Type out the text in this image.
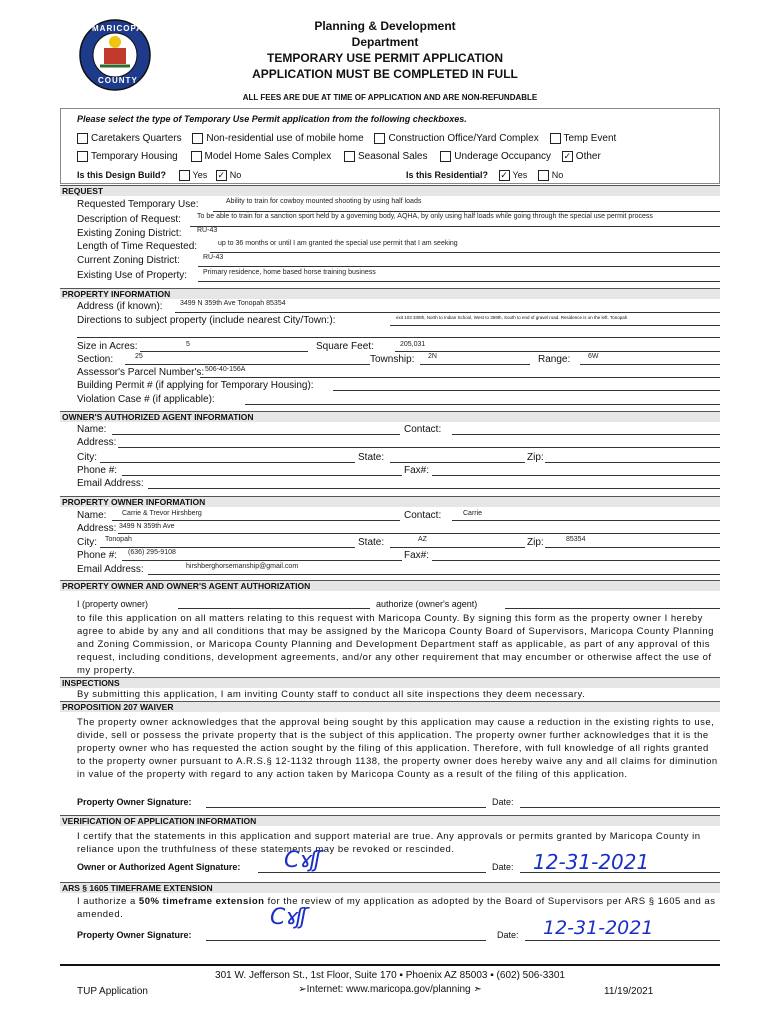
MARICOPA
COUNTY
Planning & Development
Department
TEMPORARY USE PERMIT APPLICATION
APPLICATION MUST BE COMPLETED IN FULL
ALL FEES ARE DUE AT TIME OF APPLICATION AND ARE NON-REFUNDABLE
Please select the type of Temporary Use Permit application from the following checkboxes.
Caretakers Quarters Non-residential use of mobile home Construction Office/Yard Complex Temp Event
Temporary Housing	Model Home Sales Complex	Seasonal Sales	Underage Occupancy ✓ Other
Is this Design Build?	Yes ✓ No	Is this Residential? ✓ Yes	No
REQUEST
Requested Temporary Use:	Ability to train for cowboy mounted shooting by using half loads
Description of Request: To be able to train for a sanction sport held by a governing body, AQHA, by only using half loads while going through the special use permit process
Existing Zoning District: RU-43
Length of Time Requested:	up to 36 months or until I am granted the special use permit that I am seeking
Current Zoning District:	RU-43
Existing Use of Property: Primary residence, home based horse training business
PROPERTY INFORMATION
Address (if known): 3499 N 359th Ave Tonopah 85354
Directions to subject property (include nearest City/Town:):	exit 103 339th, North to Indian School, West to 359th, South to end of gravel road. Residence is on the left. Tonopah
Size in Acres:	5	Square Feet:	205,031
Section:	25	Township: 2N	Range:	6W
Assessor's Parcel Number's: 506-40-156A
Building Permit # (if applying for Temporary Housing):
Violation Case # (if applicable):
OWNER'S AUTHORIZED AGENT INFORMATION
Name:	Contact:
Address:
City:	State:	Zip:
Phone #:	Fax#:
Email Address:
PROPERTY OWNER INFORMATION
Name: Carrie & Trevor Hirshberg	Contact:	Carrie
Address: 3499 N 359th Ave
City: Tonopah	State:	AZ	Zip:	85354
Phone #: (636) 295-9108	Fax#:
Email Address:	hirshberghorsemanship@gmail.com
PROPERTY OWNER AND OWNER'S AGENT AUTHORIZATION
I (property owner)	authorize (owner's agent)
to file this application on all matters relating to this request with Maricopa County. By signing this form as the property owner I hereby agree to abide by any and all conditions that may be assigned by the Maricopa County Board of Supervisors, Maricopa County Planning and Zoning Commission, or Maricopa County Planning and Development Department staff as applicable, as part of any approval of this request, including conditions, development agreements, and/or any other requirement that may encumber or otherwise affect the use of my property.
INSPECTIONS
By submitting this application, I am inviting County staff to conduct all site inspections they deem necessary.
PROPOSITION 207 WAIVER
The property owner acknowledges that the approval being sought by this application may cause a reduction in the existing rights to use, divide, sell or possess the private property that is the subject of this application. The property owner further acknowledges that it is the property owner who has requested the action sought by the filing of this application. Therefore, with full knowledge of all rights granted to the property owner pursuant to A.R.S.§ 12-1132 through 1138, the property owner does hereby waive any and all claims for diminution in value of the property with regard to any action taken by Maricopa County as a result of the filing of this application.
Property Owner Signature:	Date:
VERIFICATION OF APPLICATION INFORMATION
I certify that the statements in this application and support material are true. Any approvals or permits granted by Maricopa County in reliance upon the truthfulness of these statements may be revoked or rescinded.
Owner or Authorized Agent Signature: Cɤʃʃ	Date: 12-31-2021
ARS § 1605 TIMEFRAME EXTENSION
I authorize a 50% timeframe extension for the review of my application as adopted by the Board of Supervisors per ARS § 1605 and as amended.
Property Owner Signature:
Cɤʃʃ
Date: 12-31-2021
301 W. Jefferson St., 1st Floor, Suite 170 ▪ Phoenix AZ 85003 ▪ (602) 506-3301
➢Internet: www.maricopa.gov/planning ➣
TUP Application	11/19/2021
